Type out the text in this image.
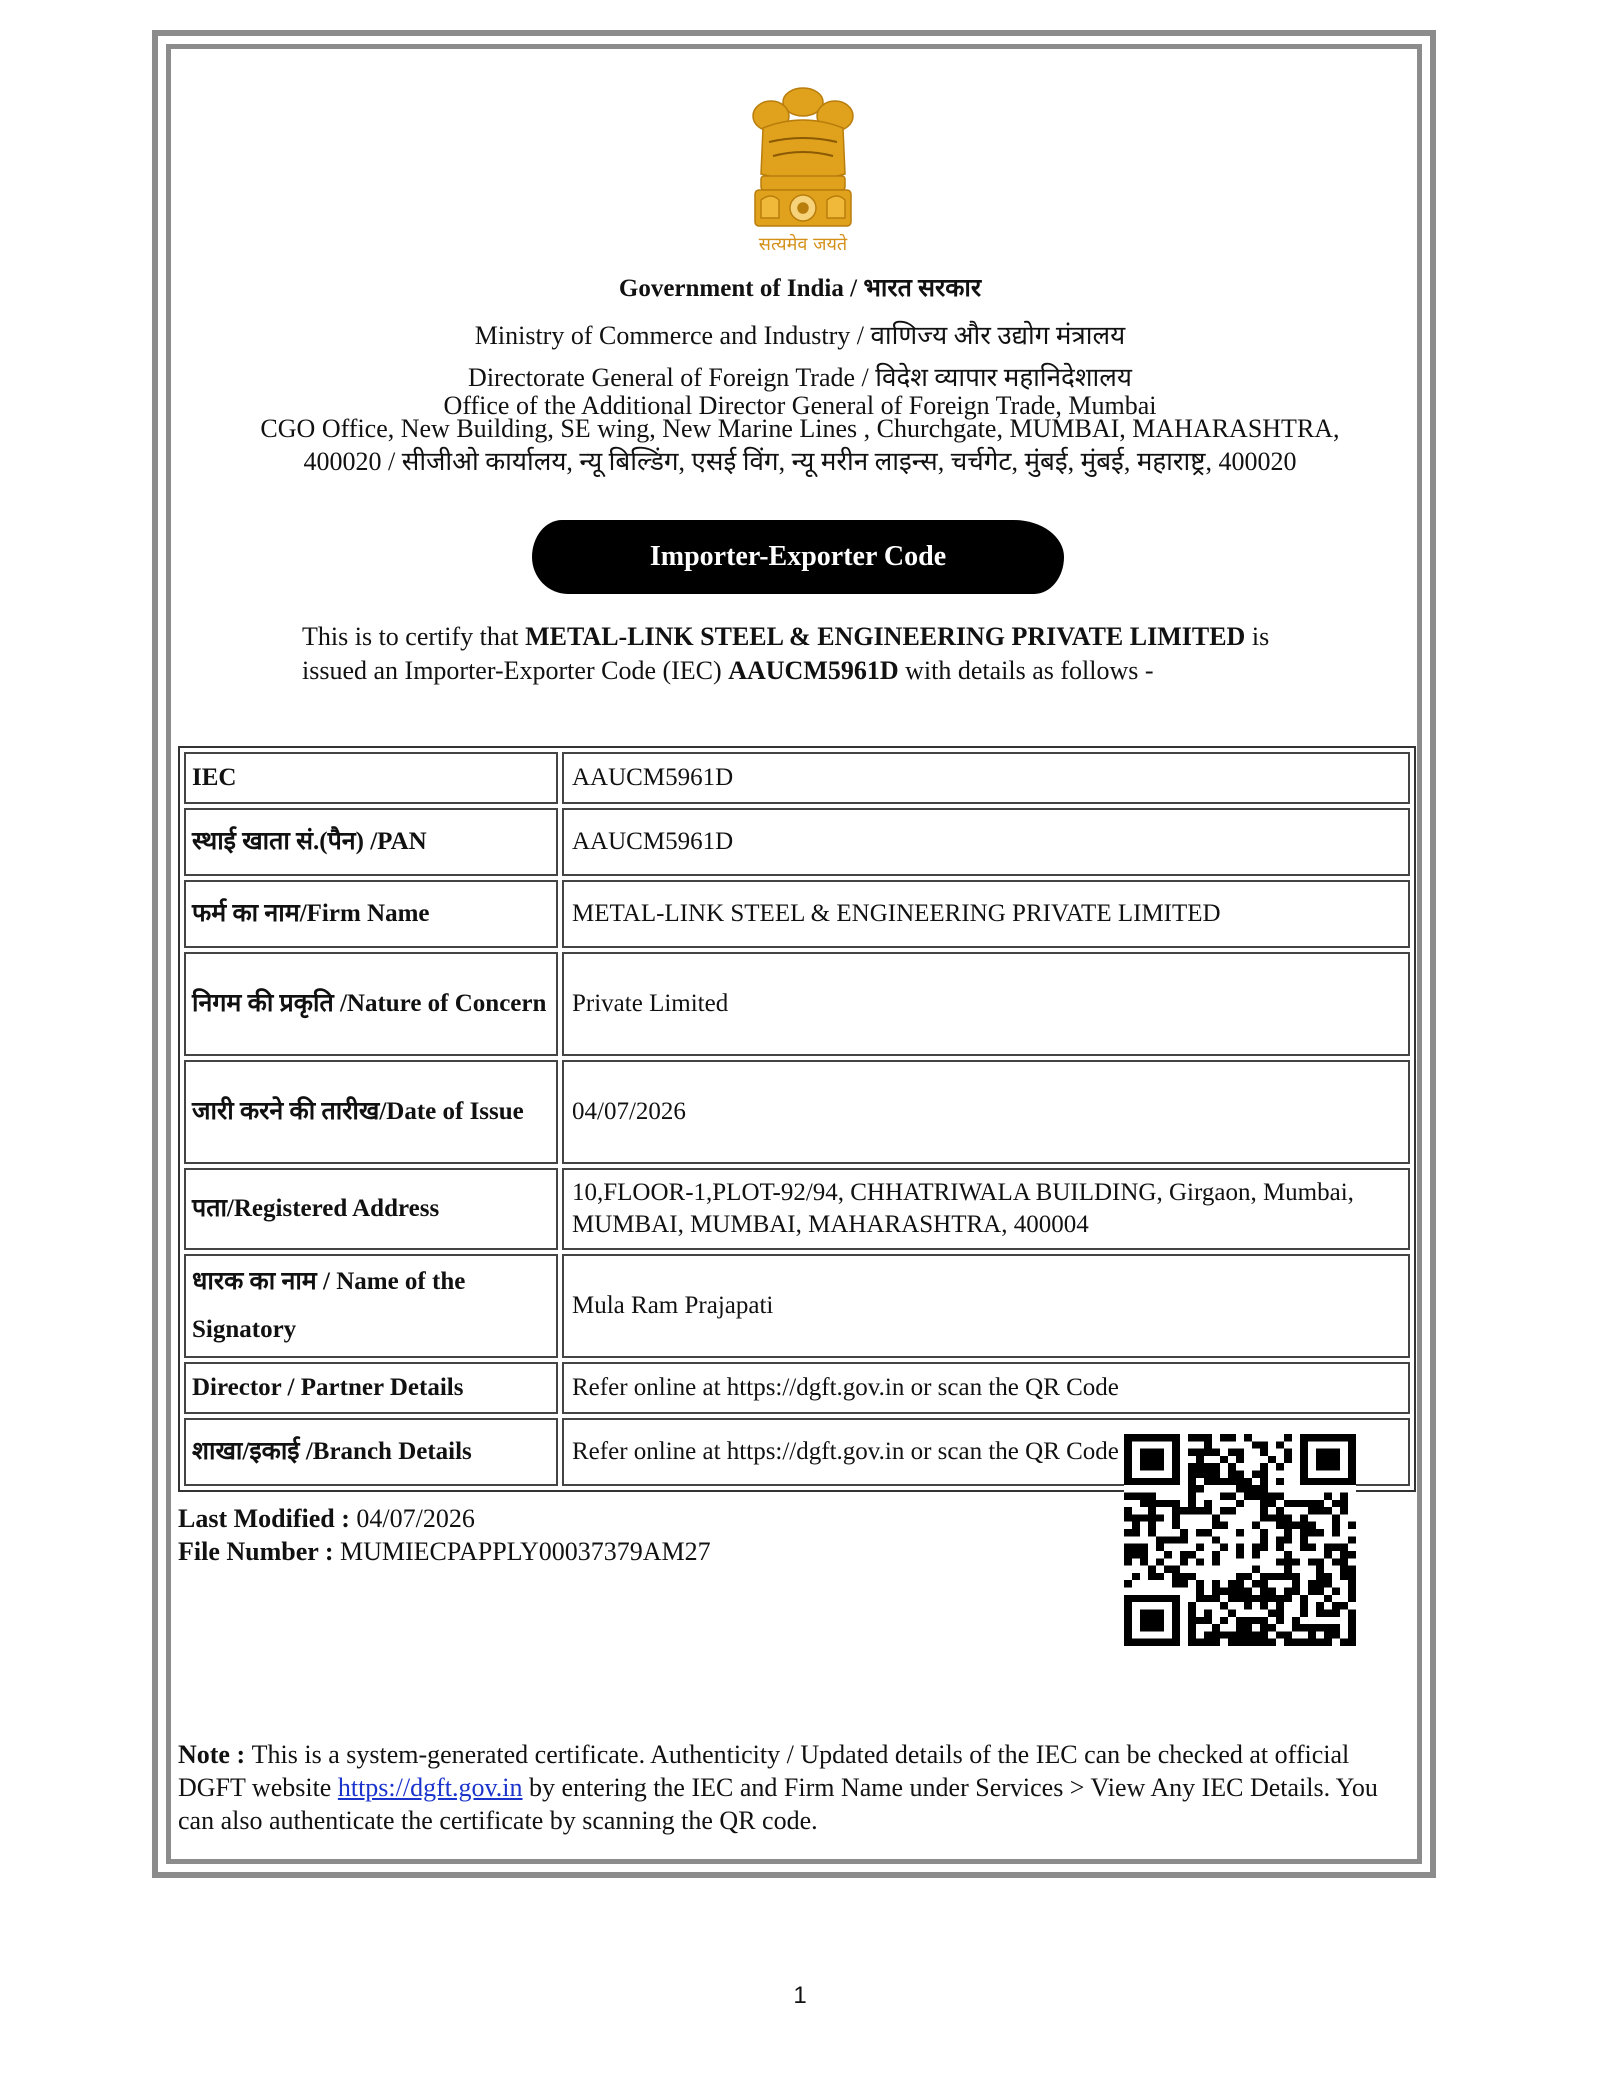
सत्यमेव जयते
Government of India / भारत सरकार
Ministry of Commerce and Industry / वाणिज्य और उद्योग मंत्रालय
Directorate General of Foreign Trade / विदेश व्यापार महानिदेशालय
Office of the Additional Director General of Foreign Trade, Mumbai
CGO Office, New Building, SE wing, New Marine Lines , Churchgate, MUMBAI, MAHARASHTRA,
400020 / सीजीओ कार्यालय, न्यू बिल्डिंग, एसई विंग, न्यू मरीन लाइन्स, चर्चगेट, मुंबई, मुंबई, महाराष्ट्र, 400020
Importer-Exporter Code
This is to certify that METAL-LINK STEEL & ENGINEERING PRIVATE LIMITED is issued an Importer-Exporter Code (IEC) AAUCM5961D with details as follows -
IEC	AAUCM5961D
स्थाई खाता सं.(पैन) /PAN	AAUCM5961D
फर्म का नाम/Firm Name	METAL-LINK STEEL & ENGINEERING PRIVATE LIMITED
निगम की प्रकृति /Nature of Concern	Private Limited
जारी करने की तारीख/Date of Issue	04/07/2026
पता/Registered Address	10,FLOOR-1,PLOT-92/94, CHHATRIWALA BUILDING, Girgaon, Mumbai, MUMBAI, MUMBAI, MAHARASHTRA, 400004
धारक का नाम / Name of the Signatory	Mula Ram Prajapati
Director / Partner Details	Refer online at https://dgft.gov.in or scan the QR Code
शाखा/इकाई /Branch Details	Refer online at https://dgft.gov.in or scan the QR Code
Last Modified : 04/07/2026
File Number : MUMIECPAPPLY00037379AM27
Note : This is a system-generated certificate. Authenticity / Updated details of the IEC can be checked at official DGFT website https://dgft.gov.in by entering the IEC and Firm Name under Services > View Any IEC Details. You can also authenticate the certificate by scanning the QR code.
1
